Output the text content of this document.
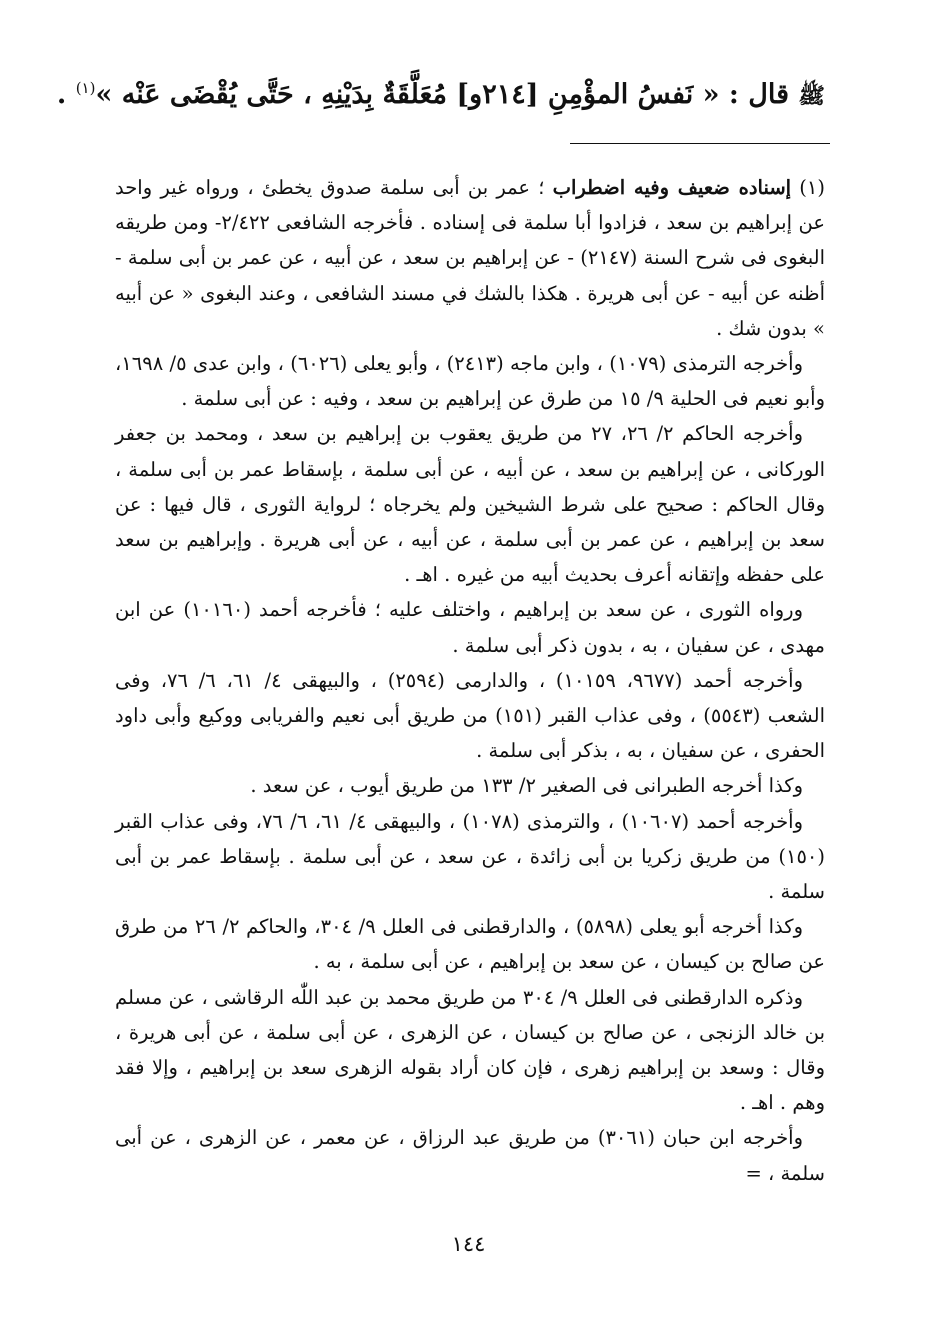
ﷺ قال : « نَفسُ المؤْمِنِ [٢١٤و] مُعَلَّقَةٌ بِدَيْنِهِ ، حَتَّى يُقْضَى عَنْه »$^{(١)}$ .

(١) إسناده ضعيف وفيه اضطراب ؛ عمر بن أبى سلمة صدوق يخطئ ، ورواه غير واحد عن إبراهيم بن سعد ، فزادوا أبا سلمة فى إسناده . فأخرجه الشافعى ٢/٤٢٢- ومن طريقه البغوى فى شرح السنة (٢١٤٧) - عن إبراهيم بن سعد ، عن أبيه ، عن عمر بن أبى سلمة - أظنه عن أبيه - عن أبى هريرة . هكذا بالشك في مسند الشافعى ، وعند البغوى « عن أبيه » بدون شك .

وأخرجه الترمذى (١٠٧٩) ، وابن ماجه (٢٤١٣) ، وأبو يعلى (٦٠٢٦) ، وابن عدى ٥/ ١٦٩٨، وأبو نعيم فى الحلية ٩/ ١٥ من طرق عن إبراهيم بن سعد ، وفيه : عن أبى سلمة .

وأخرجه الحاكم ٢/ ٢٦، ٢٧ من طريق يعقوب بن إبراهيم بن سعد ، ومحمد بن جعفر الوركانى ، عن إبراهيم بن سعد ، عن أبيه ، عن أبى سلمة ، بإسقاط عمر بن أبى سلمة ، وقال الحاكم : صحيح على شرط الشيخين ولم يخرجاه ؛ لرواية الثورى ، قال فيها : عن سعد بن إبراهيم ، عن عمر بن أبى سلمة ، عن أبيه ، عن أبى هريرة . وإبراهيم بن سعد على حفظه وإتقانه أعرف بحديث أبيه من غيره . اهـ .

ورواه الثورى ، عن سعد بن إبراهيم ، واختلف عليه ؛ فأخرجه أحمد (١٠١٦٠) عن ابن مهدى ، عن سفيان ، به ، بدون ذكر أبى سلمة .

وأخرجه أحمد (٩٦٧٧، ١٠١٥٩) ، والدارمى (٢٥٩٤) ، والبيهقى ٤/ ٦١، ٦/ ٧٦، وفى الشعب (٥٥٤٣) ، وفى عذاب القبر (١٥١) من طريق أبى نعيم والفريابى ووكيع وأبى داود الحفرى ، عن سفيان ، به ، بذكر أبى سلمة .

وكذا أخرجه الطبرانى فى الصغير ٢/ ١٣٣ من طريق أيوب ، عن سعد .

وأخرجه أحمد (١٠٦٠٧) ، والترمذى (١٠٧٨) ، والبيهقى ٤/ ٦١، ٦/ ٧٦، وفى عذاب القبر (١٥٠) من طريق زكريا بن أبى زائدة ، عن سعد ، عن أبى سلمة . بإسقاط عمر بن أبى سلمة .

وكذا أخرجه أبو يعلى (٥٨٩٨) ، والدارقطنى فى العلل ٩/ ٣٠٤، والحاكم ٢/ ٢٦ من طرق عن صالح بن كيسان ، عن سعد بن إبراهيم ، عن أبى سلمة ، به .

وذكره الدارقطنى فى العلل ٩/ ٣٠٤ من طريق محمد بن عبد اللّٰه الرقاشى ، عن مسلم بن خالد الزنجى ، عن صالح بن كيسان ، عن الزهرى ، عن أبى سلمة ، عن أبى هريرة ، وقال : وسعد بن إبراهيم زهرى ، فإن كان أراد بقوله الزهرى سعد بن إبراهيم ، وإلا فقد وهم . اهـ .

وأخرجه ابن حبان (٣٠٦١) من طريق عبد الرزاق ، عن معمر ، عن الزهرى ، عن أبى سلمة ، =

١٤٤
